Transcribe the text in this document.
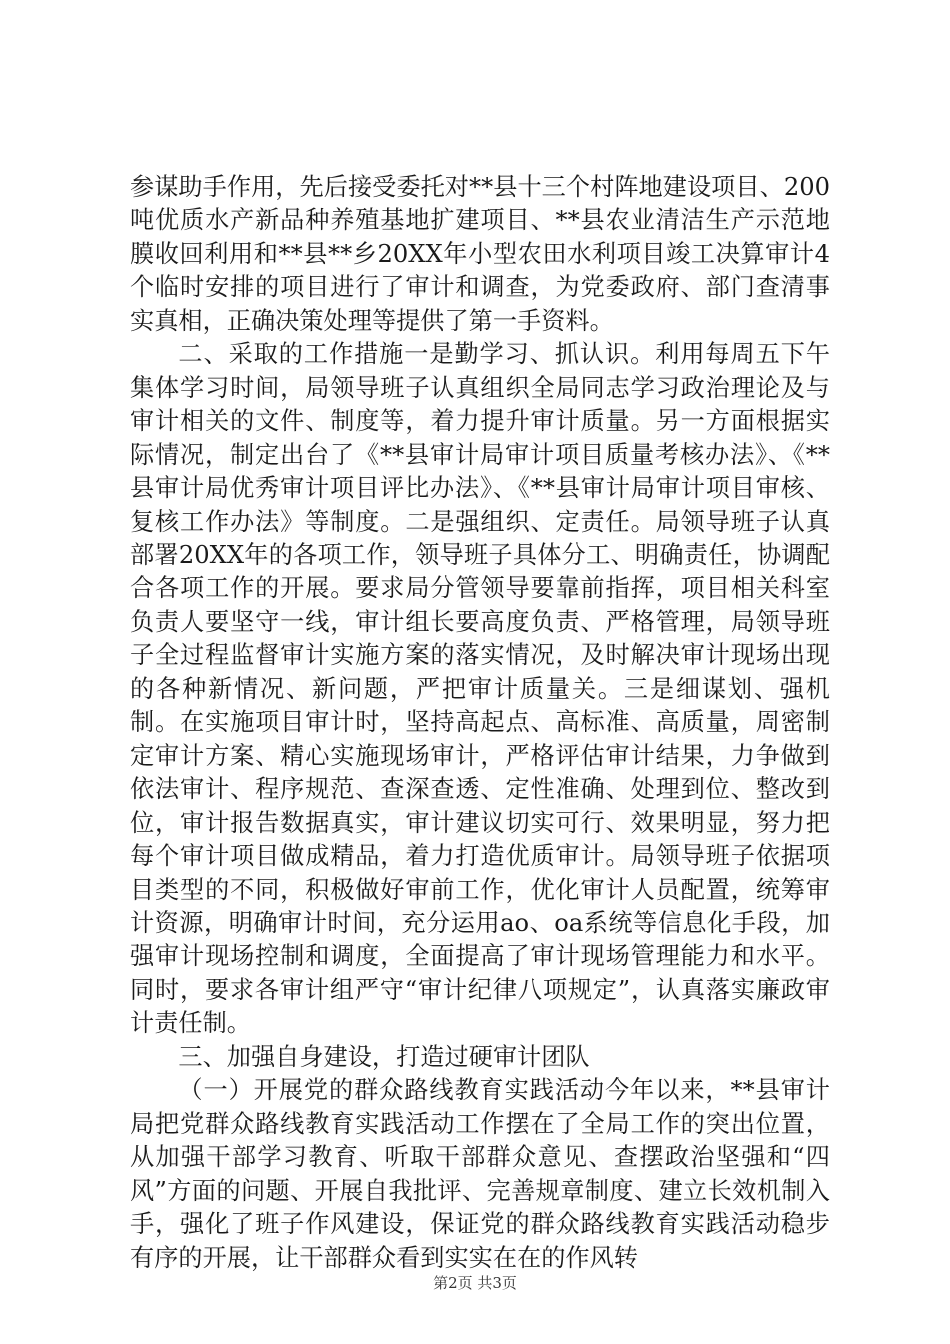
参谋助手作用，先后接受委托对**县十三个村阵地建设项目、200吨优质水产新品种养殖基地扩建项目、**县农业清洁生产示范地膜收回利用和**县**乡20XX年小型农田水利项目竣工决算审计4个临时安排的项目进行了审计和调查，为党委政府、部门查清事实真相，正确决策处理等提供了第一手资料。

二、采取的工作措施一是勤学习、抓认识。利用每周五下午集体学习时间，局领导班子认真组织全局同志学习政治理论及与审计相关的文件、制度等，着力提升审计质量。另一方面根据实际情况，制定出台了《**县审计局审计项目质量考核办法》、《**县审计局优秀审计项目评比办法》、《**县审计局审计项目审核、复核工作办法》等制度。二是强组织、定责任。局领导班子认真部署20XX年的各项工作，领导班子具体分工、明确责任，协调配合各项工作的开展。要求局分管领导要靠前指挥，项目相关科室负责人要坚守一线，审计组长要高度负责、严格管理，局领导班子全过程监督审计实施方案的落实情况，及时解决审计现场出现的各种新情况、新问题，严把审计质量关。三是细谋划、强机制。在实施项目审计时，坚持高起点、高标准、高质量，周密制定审计方案、精心实施现场审计，严格评估审计结果，力争做到依法审计、程序规范、查深查透、定性准确、处理到位、整改到位，审计报告数据真实，审计建议切实可行、效果明显，努力把每个审计项目做成精品，着力打造优质审计。局领导班子依据项目类型的不同，积极做好审前工作，优化审计人员配置，统筹审计资源，明确审计时间，充分运用ao、oa系统等信息化手段，加强审计现场控制和调度，全面提高了审计现场管理能力和水平。同时，要求各审计组严守“审计纪律八项规定”，认真落实廉政审计责任制。

三、加强自身建设，打造过硬审计团队

（一）开展党的群众路线教育实践活动今年以来，**县审计局把党群众路线教育实践活动工作摆在了全局工作的突出位置，从加强干部学习教育、听取干部群众意见、查摆政治坚强和“四风”方面的问题、开展自我批评、完善规章制度、建立长效机制入手，强化了班子作风建设，保证党的群众路线教育实践活动稳步有序的开展，让干部群众看到实实在在的作风转

第2页 共3页
